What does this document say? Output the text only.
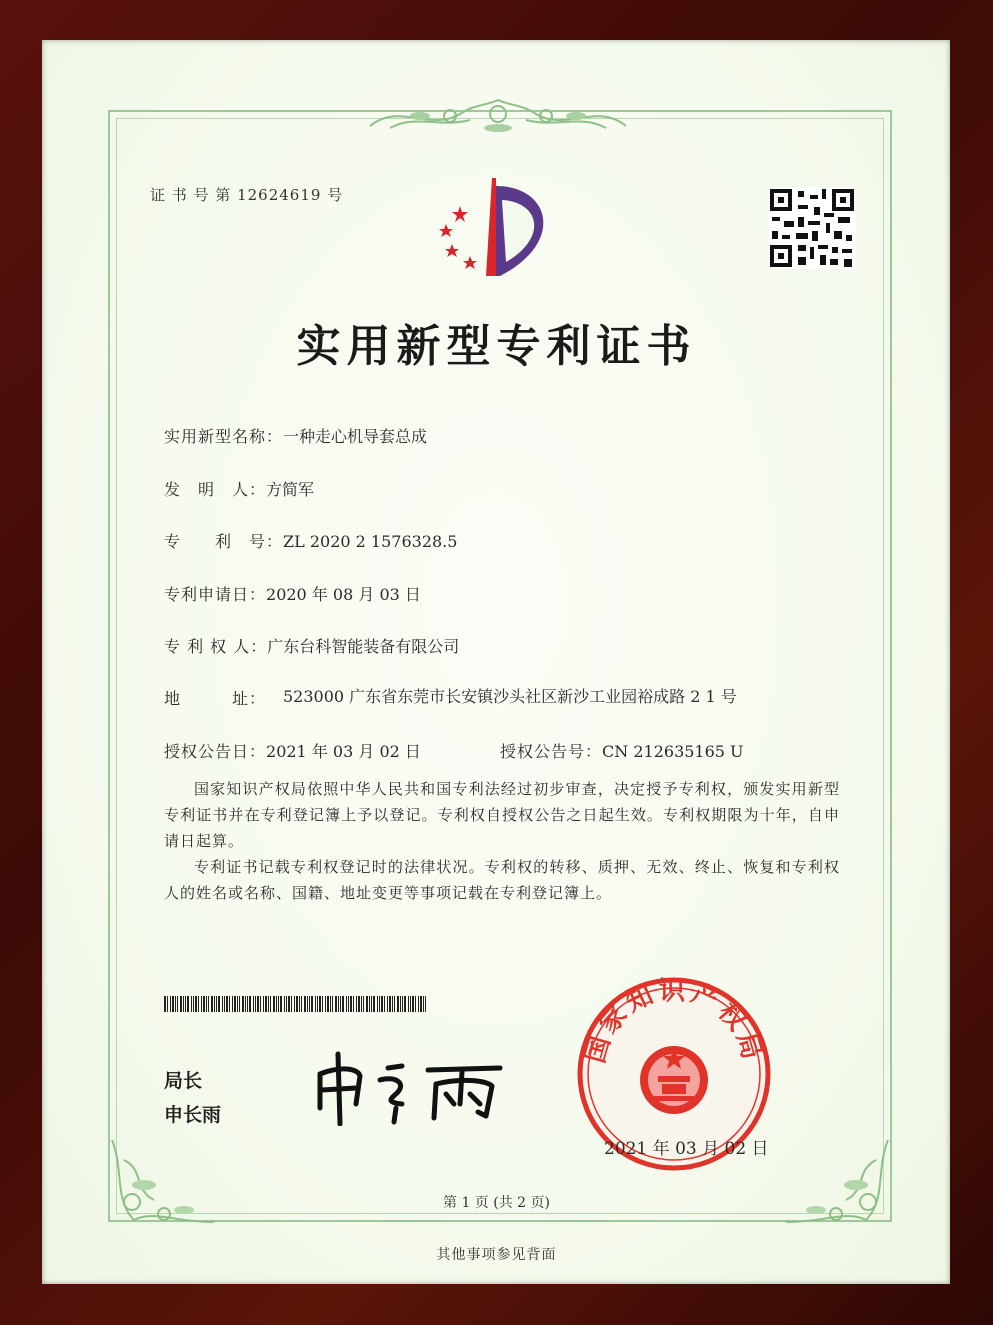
证 书 号 第 12624619 号
实用新型专利证书
实用新型名称：一种走心机导套总成
发　明　人：方简军
专　　利　号：ZL 2020 2 1576328.5
专利申请日：2020 年 08 月 03 日
专 利 权 人：广东台科智能装备有限公司
地　　　址： 523000 广东省东莞市长安镇沙头社区新沙工业园裕成路 2 1 号
授权公告日：2021 年 03 月 02 日	授权公告号：CN 212635165 U
国家知识产权局依照中华人民共和国专利法经过初步审查，决定授予专利权，颁发实用新型专利证书并在专利登记簿上予以登记。专利权自授权公告之日起生效。专利权期限为十年，自申请日起算。
专利证书记载专利权登记时的法律状况。专利权的转移、质押、无效、终止、恢复和专利权人的姓名或名称、国籍、地址变更等事项记载在专利登记簿上。
局长
申长雨
国家知识产权局
2021 年 03 月 02 日
第 1 页 (共 2 页)
其他事项参见背面
